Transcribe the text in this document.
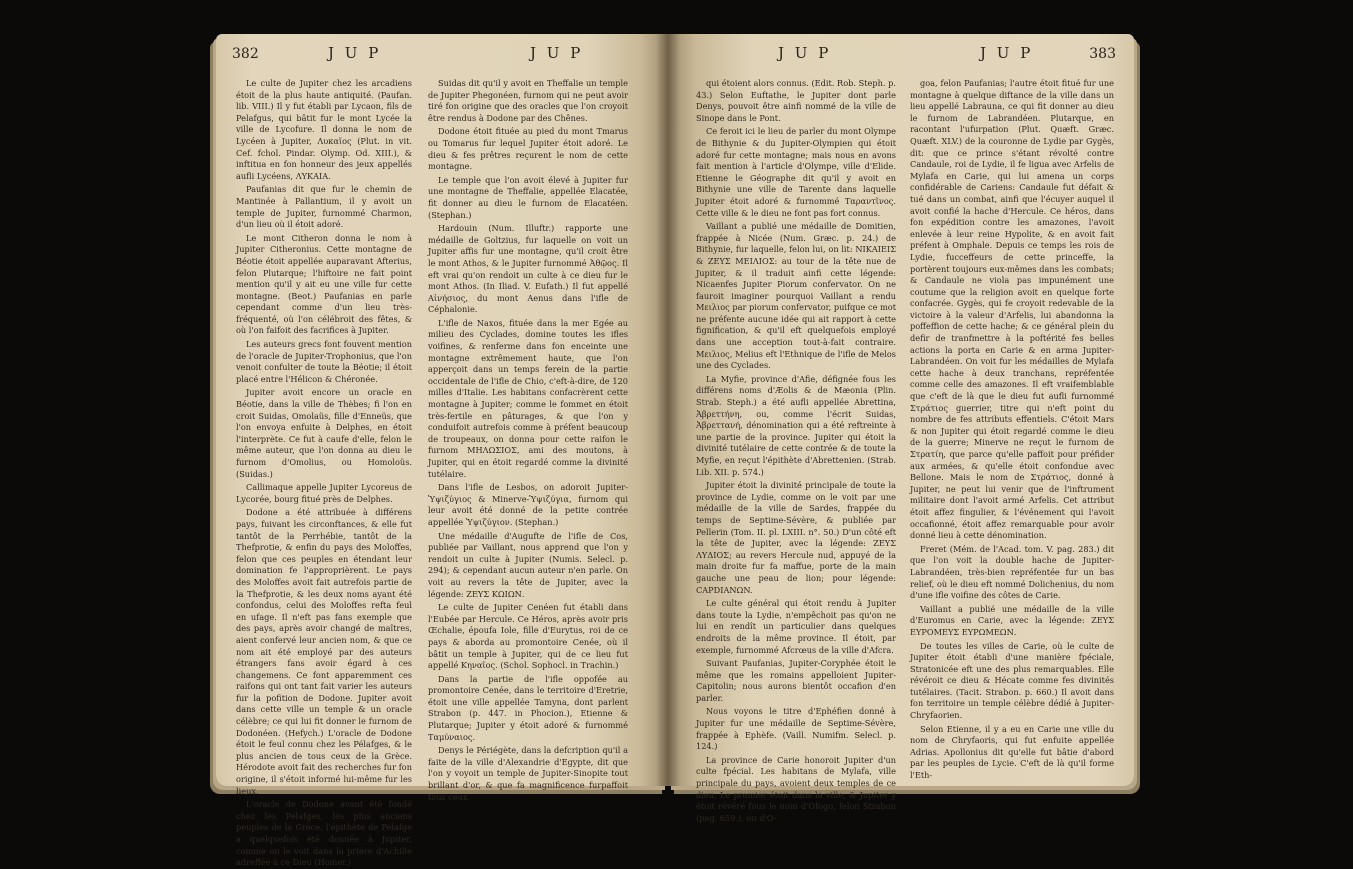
382	J U P	J U P

Le culte de Jupiter chez les arcadiens étoit de la plus haute antiquité. (Paufan. lib. VIII.) Il y fut établi par Lycaon, fils de Pelafgus, qui bâtit fur le mont Lycée la ville de Lycofure. Il donna le nom de Lycéen à Jupiter, Λυκαῖος (Plut. in vit. Cef. fchol. Pindar. Olymp. Od. XIII.), & inftitua en fon honneur des jeux appellés aufli Lycéens, ΛΥΚΑΙΑ.

Paufanias dit que fur le chemin de Mantinée à Pallantium, il y avoit un temple de Jupiter, furnommé Charmon, d'un lieu où il étoit adoré.

Le mont Citheron donna le nom à Jupiter Citheronius. Cette montagne de Béotie étoit appellée auparavant Afterius, felon Plutarque; l'hiftoire ne fait point mention qu'il y ait eu une ville fur cette montagne. (Beot.) Paufanias en parle cependant comme d'un lieu très-fréquenté, où l'on célébroit des fêtes, & où l'on faifoit des facrifices à Jupiter.

Les auteurs grecs font fouvent mention de l'oracle de Jupiter-Trophonius, que l'on venoit confulter de toute la Béotie; il étoit placé entre l'Hélicon & Chéronée.

Jupiter avoit encore un oracle en Béotie, dans la ville de Thèbes; fi l'on en croit Suidas, Omolaüs, fille d'Enneüs, que l'on envoya enfuite à Delphes, en étoit l'interprète. Ce fut à caufe d'elle, felon le même auteur, que l'on donna au dieu le furnom d'Omolius, ou Homoloüs. (Suidas.)

Callimaque appelle Jupiter Lycoreus de Lycorée, bourg fitué près de Delphes.

Dodone a été attribuée à différens pays, fuivant les circonftances, & elle fut tantôt de la Perrhébie, tantôt de la Thefprotie, & enfin du pays des Moloffes, felon que ces peuples en étendant leur domination fe l'approprièrent. Le pays des Moloffes avoit fait autrefois partie de la Thefprotie, & les deux noms ayant été confondus, celui des Moloffes refta feul en ufage. Il n'eft pas fans exemple que des pays, après avoir changé de maîtres, aient confervé leur ancien nom, & que ce nom ait été employé par des auteurs étrangers fans avoir égard à ces changemens. Ce font apparemment ces raifons qui ont tant fait varier les auteurs fur la pofition de Dodone. Jupiter avoit dans cette ville un temple & un oracle célèbre; ce qui lui fit donner le furnom de Dodonéen. (Hefych.) L'oracle de Dodone étoit le feul connu chez les Pélafges, & le plus ancien de tous ceux de la Grèce. Hérodote avoit fait des recherches fur fon origine, il s'étoit informé lui-même fur les lieux.

L'oracle de Dodone avant été fondé chez les Pelafges, les plus anciens peuples de la Grèce, l'épithète de Pelafge a quelquefois été donnée à Jupiter, comme on le voit dans la prière d'Achille adreffée à ce Dieu (Homer.)

Suidas dit qu'il y avoit en Theffalie un temple de Jupiter Phegonéen, furnom qui ne peut avoir tiré fon origine que des oracles que l'on croyoit être rendus à Dodone par des Chênes.

Dodone étoit fituée au pied du mont Tmarus ou Tomarus fur lequel Jupiter étoit adoré. Le dieu & fes prêtres reçurent le nom de cette montagne.

Le temple que l'on avoit élevé à Jupiter fur une montagne de Theffalie, appellée Elacatée, fit donner au dieu le furnom de Elacatéen. (Stephan.)

Hardouin (Num. Illuftr.) rapporte une médaille de Goltzius, fur laquelle on voit un Jupiter affis fur une montagne, qu'il croit être le mont Athos, & le Jupiter furnommé Ἀθῷος. Il eft vrai qu'on rendoit un culte à ce dieu fur le mont Athos. (In Iliad. V. Eufath.) Il fut appellé Αἰνήσιος, du mont Aenus dans l'ifle de Céphalonie.

L'ifle de Naxos, fituée dans la mer Egée au milieu des Cyclades, domine toutes les ifles voifines, & renferme dans fon enceinte une montagne extrêmement haute, que l'on apperçoit dans un temps ferein de la partie occidentale de l'ifle de Chio, c'eft-à-dire, de 120 milles d'Italie. Les habitans confacrèrent cette montagne à Jupiter; comme le fommet en étoit très-fertile en pâturages, & que l'on y conduifoit autrefois comme à préfent beaucoup de troupeaux, on donna pour cette raifon le furnom ΜΗΛΩΣΙΟΣ, ami des moutons, à Jupiter, qui en étoit regardé comme la divinité tutélaire.

Dans l'ifle de Lesbos, on adoroit Jupiter-Ὑψιζύγιος & Minerve-Ὑψιζύγια, furnom qui leur avoit été donné de la petite contrée appellée Ὑψιζύγιον. (Stephan.)

Une médaille d'Augufte de l'ifle de Cos, publiée par Vaillant, nous apprend que l'on y rendoit un culte à Jupiter (Numis. Selecl. p. 294); & cependant aucun auteur n'en parle. On voit au revers la tête de Jupiter, avec la légende: ΖΕΥΣ ΚΩΙΩΝ.

Le culte de Jupiter Cenéen fut établi dans l'Eubée par Hercule. Ce Héros, après avoir pris Œchalie, époufa Iole, fille d'Eurytus, roi de ce pays & aborda au promontoire Cenée, où il bâtit un temple à Jupiter, qui de ce lieu fut appellé Κηναῖος. (Schol. Sophocl. in Trachin.)

Dans la partie de l'ifle oppofée au promontoire Cenée, dans le territoire d'Eretrie, étoit une ville appellée Tamyna, dont parlent Strabon (p. 447. in Phocion.), Etienne & Plutarque; Jupiter y étoit adoré & furnommé Ταμύναιος.

Denys le Périégète, dans la defcription qu'il a faite de la ville d'Alexandrie d'Egypte, dit que l'on y voyoit un temple de Jupiter-Sinopite tout brillant d'or, & que fa magnificence furpaffoit tous ceux

J U P	J U P	383

qui étoient alors connus. (Edit. Rob. Steph. p. 43.) Selon Euftathe, le Jupiter dont parle Denys, pouvoit être ainfi nommé de la ville de Sinope dans le Pont.

Ce feroit ici le lieu de parler du mont Olympe de Bithynie & du Jupiter-Olympien qui étoit adoré fur cette montagne; mais nous en avons fait mention à l'article d'Olympe, ville d'Elide. Etienne le Géographe dit qu'il y avoit en Bithynie une ville de Tarente dans laquelle Jupiter étoit adoré & furnommé Ταραντῖνος. Cette ville & le dieu ne font pas fort connus.

Vaillant a publié une médaille de Domitien, frappée à Nicée (Num. Græc. p. 24.) de Bithynie, fur laquelle, felon lui, on lit: ΝΙΚΑΙΕΙΣ & ΖΕΥΣ ΜΕΙΛΙΟΣ: au tour de la tête nue de Jupiter, & il traduit ainfi cette légende: Nicaenfes Jupiter Piorum confervator. On ne fauroit imaginer pourquoi Vaillant a rendu Μειλιος par piorum confervator, puifque ce mot ne préfente aucune idée qui ait rapport à cette fignification, & qu'il eft quelquefois employé dans une acception tout-à-fait contraire. Μειλιος, Melius eft l'Ethnique de l'ifle de Melos une des Cyclades.

La Myfie, province d'Afie, défignée fous les différens noms d'Æolis & de Mæonia (Plin. Strab. Steph.) a été aufli appellée Abrettina, Ἀβρεττήνη, ou, comme l'écrit Suidas, Ἀβρεττανή, dénomination qui a été reftreinte à une partie de la province. Jupiter qui étoit la divinité tutélaire de cette contrée & de toute la Myfie, en reçut l'épithète d'Abrettenien. (Strab. Lib. XII. p. 574.)

Jupiter étoit la divinité principale de toute la province de Lydie, comme on le voit par une médaille de la ville de Sardes, frappée du temps de Septime-Sévère, & publiée par Pellerin (Tom. II. pl. LXIII. n°. 50.) D'un côté eft la tête de Jupiter, avec la légende: ΖΕΥΣ ΛΥΔΙΟΣ; au revers Hercule nud, appuyé de la main droite fur fa maffue, porte de la main gauche une peau de lion; pour légende: CAPDIANΩN.

Le culte général qui étoit rendu à Jupiter dans toute la Lydie, n'empêchoit pas qu'on ne lui en rendît un particulier dans quelques endroits de la même province. Il étoit, par exemple, furnommé Afcrœus de la ville d'Afcra.

Suivant Paufanias, Jupiter-Coryphée étoit le même que les romains appelloient Jupiter-Capitolin; nous aurons bientôt occafion d'en parler.

Nous voyons le titre d'Ephéfien donné à Jupiter fur une médaille de Septime-Sévère, frappée à Ephèfe. (Vaill. Numifm. Selecl. p. 124.)

La province de Carie honoroit Jupiter d'un culte fpécial. Les habitans de Mylafa, ville principale du pays, avoient deux temples de ce dieu. Le premier étoit dans la ville, & Jupiter y étoit révéré fous le nom d'Ofogo, felon Strabon (pag. 659.), ou d'O-

goa, felon Paufanias; l'autre étoit fitué fur une montagne à quelque diftance de la ville dans un lieu appellé Labrauna, ce qui fit donner au dieu le furnom de Labrandéen. Plutarque, en racontant l'ufurpation (Plut. Quæft. Græc. Quæft. XLV.) de la couronne de Lydie par Gygès, dit: que ce prince s'étant révolté contre Candaule, roi de Lydie, il fe ligua avec Arfelis de Mylafa en Carie, qui lui amena un corps confidérable de Cariens: Candaule fut défait & tué dans un combat, ainfi que l'écuyer auquel il avoit confié la hache d'Hercule. Ce héros, dans fon expédition contre les amazones, l'avoit enlevée à leur reine Hypolite, & en avoit fait préfent à Omphale. Depuis ce temps les rois de Lydie, fucceffeurs de cette princeffe, la portèrent toujours eux-mêmes dans les combats; & Candaule ne viola pas impunément une coutume que la religion avoit en quelque forte confacrée. Gygès, qui fe croyoit redevable de la victoire à la valeur d'Arfelis, lui abandonna la poffeffion de cette hache; & ce général plein du defir de tranfmettre à la poftérité fes belles actions la porta en Carie & en arma Jupiter-Labrandéen. On voit fur les médailles de Mylafa cette hache à deux tranchans, repréfentée comme celle des amazones. Il eft vraifemblable que c'eft de là que le dieu fut aufli furnommé Στράτιος guerrier, titre qui n'eft point du nombre de fes attributs effentiels. C'étoit Mars & non Jupiter qui étoit regardé comme le dieu de la guerre; Minerve ne reçut le furnom de Στρατίη, que parce qu'elle paffoit pour préfider aux armées, & qu'elle étoit confondue avec Bellone. Mais le nom de Στράτιος, donné à Jupiter, ne peut lui venir que de l'inftrument militaire dont l'avoit armé Arfelis. Cet attribut étoit affez fingulier, & l'événement qui l'avoit occafionné, étoit affez remarquable pour avoir donné lieu à cette dénomination.

Freret (Mém. de l'Acad. tom. V. pag. 283.) dit que l'on voit la double hache de Jupiter-Labrandéen, très-bien repréfentée fur un bas relief, où le dieu eft nommé Dolichenius, du nom d'une ifle voifine des côtes de Carie.

Vaillant a publié une médaille de la ville d'Euromus en Carie, avec la légende: ΖΕΥΣ ΕΥΡΟΜΕΥΣ ΕΥΡΩΜΕΩΝ.

De toutes les villes de Carie, où le culte de Jupiter étoit établi d'une manière fpéciale, Stratonicée eft une des plus remarquables. Elle révéroit ce dieu & Hécate comme fes divinités tutélaires. (Tacit. Strabon. p. 660.) Il avoit dans fon territoire un temple célèbre dédié à Jupiter-Chryfaorien.

Selon Etienne, il y a eu en Carie une ville du nom de Chryfaoris, qui fut enfuite appellée Adrias. Apollonius dit qu'elle fut bâtie d'abord par les peuples de Lycie. C'eft de là qu'il forme l'Eth-
